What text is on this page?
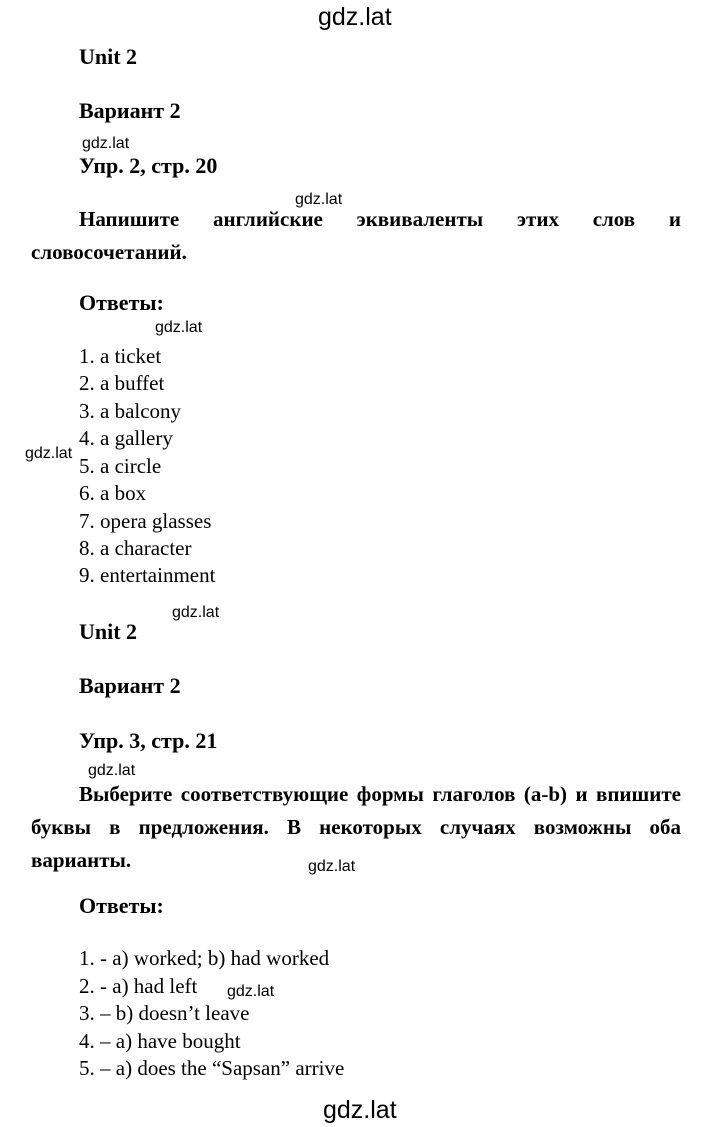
gdz.lat
gdz.lat
gdz.lat
gdz.lat
gdz.lat
gdz.lat
gdz.lat
gdz.lat
gdz.lat
gdz.lat
Unit 2
Вариант 2
Упр. 2, стр. 20
Напишите английские эквиваленты этих слов и словосочетаний.
Ответы:
1. a ticket
2. a buffet
3. a balcony
4. a gallery
5. a circle
6. a box
7. opera glasses
8. a character
9. entertainment
Unit 2
Вариант 2
Упр. 3, стр. 21
Выберите соответствующие формы глаголов (a-b) и впишите буквы в предложения. В некоторых случаях возможны оба варианты.
Ответы:
1. - a) worked; b) had worked
2. - a) had left
3. – b) doesn’t leave
4. – a) have bought
5. – a) does the “Sapsan” arrive
